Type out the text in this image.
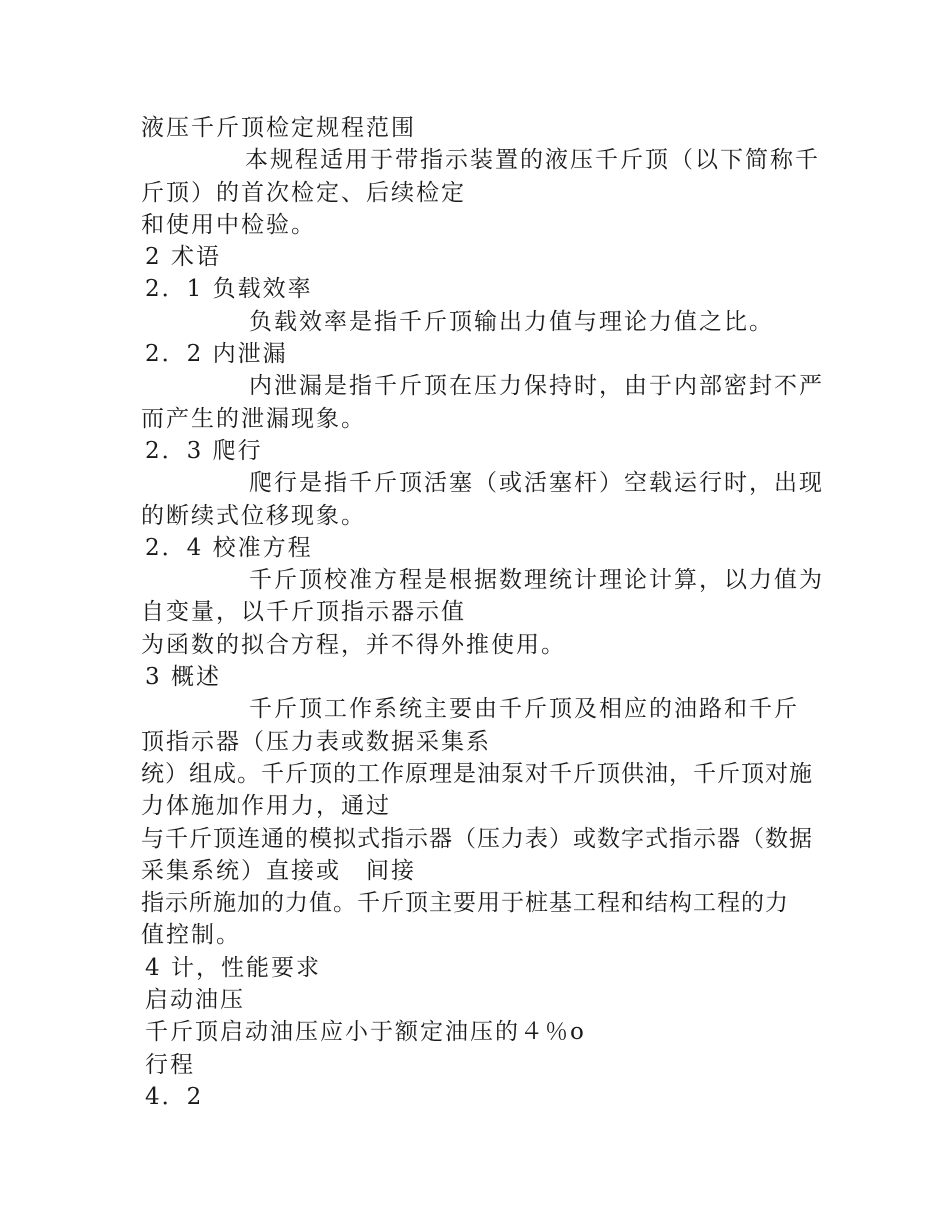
液压千斤顶检定规程范围
本规程适用于带指示装置的液压千斤顶（以下简称千
斤顶）的首次检定、后续检定
和使用中检验。
2 术语
2．1 负载效率
负载效率是指千斤顶输出力值与理论力值之比。
2．2 内泄漏
内泄漏是指千斤顶在压力保持时，由于内部密封不严
而产生的泄漏现象。
2．3 爬行
爬行是指千斤顶活塞（或活塞杆）空载运行时，出现
的断续式位移现象。
2．4 校准方程
千斤顶校准方程是根据数理统计理论计算，以力值为
自变量，以千斤顶指示器示值
为函数的拟合方程，并不得外推使用。
3 概述
千斤顶工作系统主要由千斤顶及相应的油路和千斤
顶指示器（压力表或数据采集系
统）组成。千斤顶的工作原理是油泵对千斤顶供油，千斤顶对施
力体施加作用力，通过
与千斤顶连通的模拟式指示器（压力表）或数字式指示器（数据
采集系统）直接或　间接
指示所施加的力值。千斤顶主要用于桩基工程和结构工程的力
值控制。
4 计，性能要求
启动油压
千斤顶启动油压应小于额定油压的４％o
行程
4．2
